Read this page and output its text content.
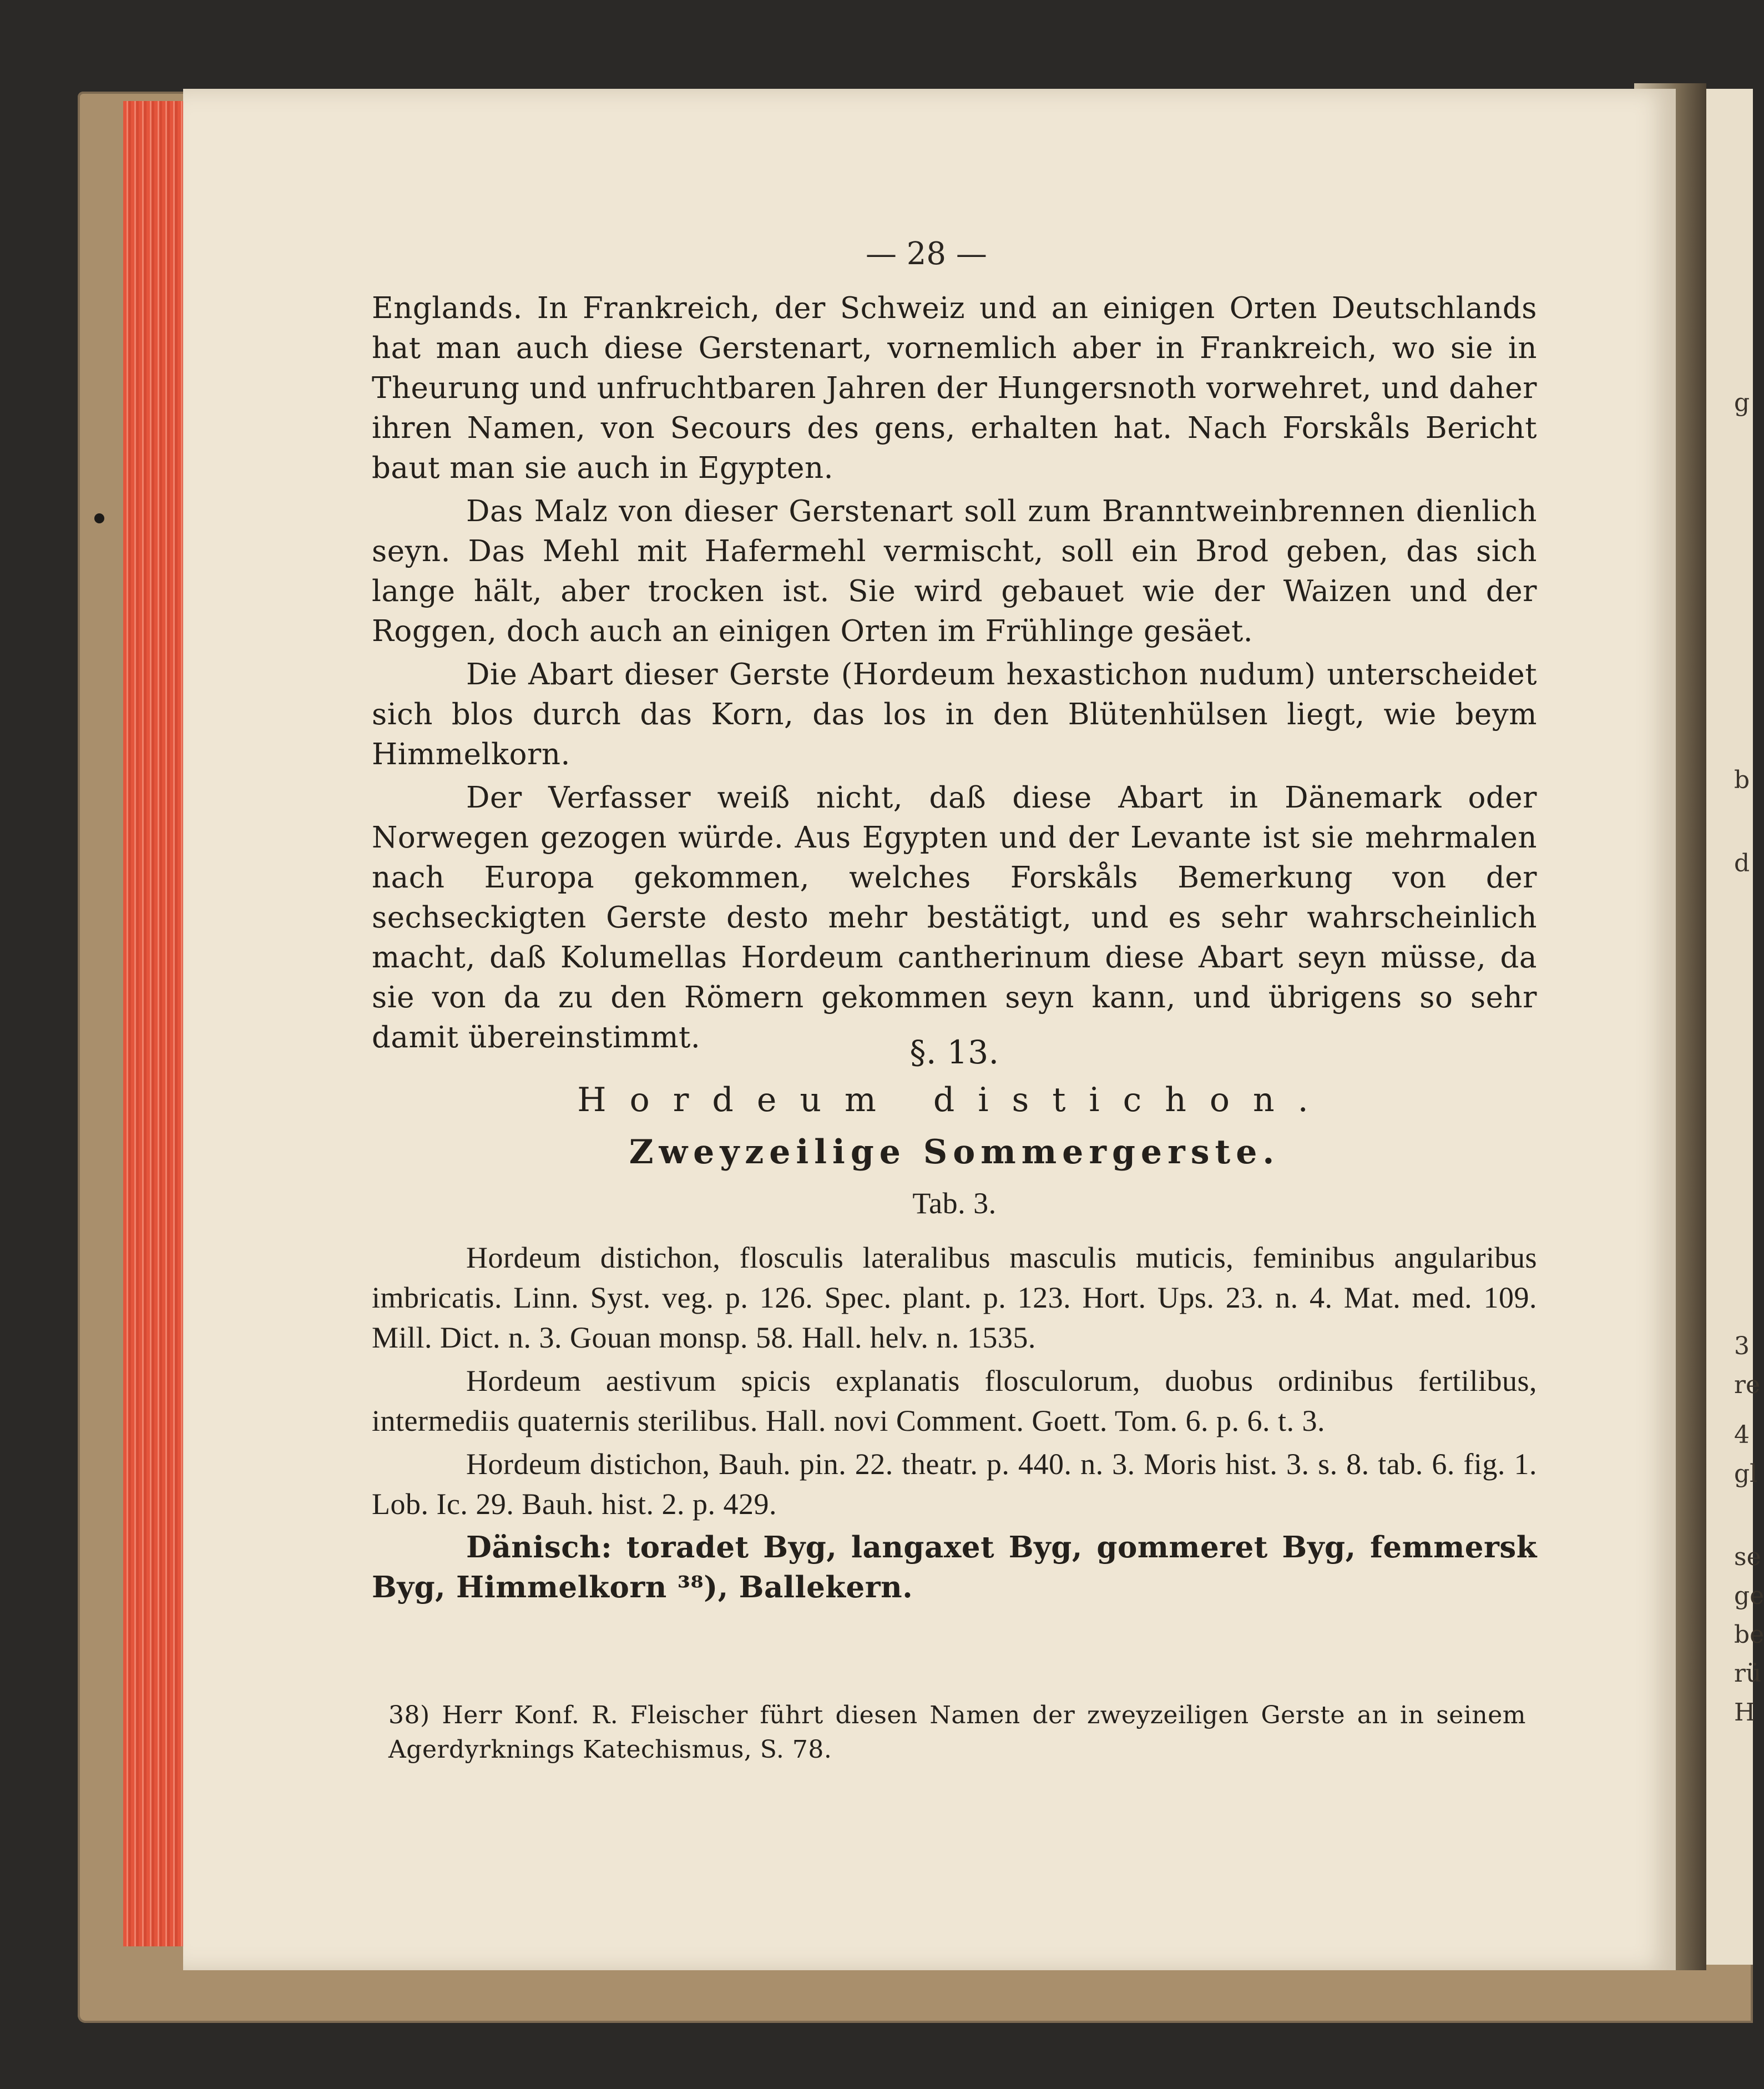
— 28 —

Englands. In Frankreich, der Schweiz und an einigen Orten Deutschlands hat man auch diese Gerstenart, vornemlich aber in Frankreich, wo sie in Theurung und unfruchtbaren Jahren der Hungersnoth vorwehret, und daher ihren Namen, von Secours des gens, erhalten hat. Nach Forskåls Bericht baut man sie auch in Egypten.

Das Malz von dieser Gerstenart soll zum Branntweinbrennen dienlich seyn. Das Mehl mit Hafermehl vermischt, soll ein Brod geben, das sich lange hält, aber trocken ist. Sie wird gebauet wie der Waizen und der Roggen, doch auch an einigen Orten im Frühlinge gesäet.

Die Abart dieser Gerste (Hordeum hexastichon nudum) unterscheidet sich blos durch das Korn, das los in den Blütenhülsen liegt, wie beym Himmelkorn.

Der Verfasser weiß nicht, daß diese Abart in Dänemark oder Norwegen gezogen würde. Aus Egypten und der Levante ist sie mehrmalen nach Europa gekommen, welches Forskåls Bemerkung von der sechseckigten Gerste desto mehr bestätigt, und es sehr wahrscheinlich macht, daß Kolumellas Hordeum cantherinum diese Abart seyn müsse, da sie von da zu den Römern gekommen seyn kann, und übrigens so sehr damit übereinstimmt.	§. 13.

Hordeum distichon.

Zweyzeilige Sommergerste.

Tab. 3.

Hordeum distichon, flosculis lateralibus masculis muticis, feminibus angularibus imbricatis. Linn. Syst. veg. p. 126. Spec. plant. p. 123. Hort. Ups. 23. n. 4. Mat. med. 109. Mill. Dict. n. 3. Gouan monsp. 58. Hall. helv. n. 1535.

Hordeum aestivum spicis explanatis flosculorum, duobus ordinibus fertilibus, intermediis quaternis sterilibus. Hall. novi Comment. Goett. Tom. 6. p. 6. t. 3.

Hordeum distichon, Bauh. pin. 22. theatr. p. 440. n. 3. Moris hist. 3. s. 8. tab. 6. fig. 1. Lob. Ic. 29. Bauh. hist. 2. p. 429.

Dänisch: toradet Byg, langaxet Byg, gommeret Byg, femmersk Byg, Himmelkorn ³⁸), Ballekern.

38) Herr Konf. R. Fleischer führt diesen Namen der zweyzeiligen Gerste an in seinem Agerdyrknings Katechismus, S. 78.

g
b
d
3
re
4
gl
se
ge
be
rü
H
